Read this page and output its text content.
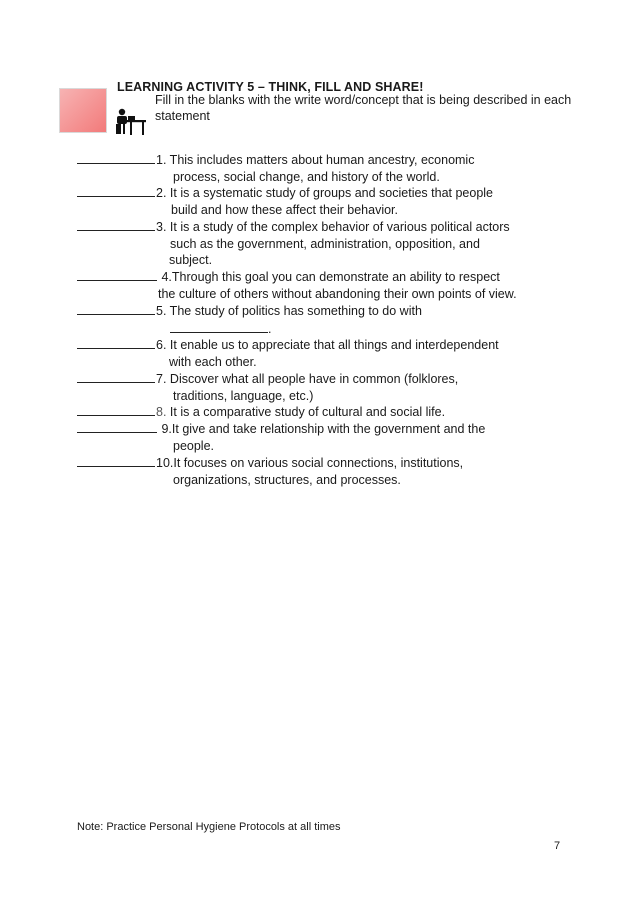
LEARNING ACTIVITY 5 – THINK, FILL AND SHARE!
Fill in the blanks with the write word/concept that is being described in each statement
1. This includes matters about human ancestry, economic
process, social change, and history of the world.
2. It is a systematic study of groups and societies that people
build and how these affect their behavior.
3. It is a study of the complex behavior of various political actors
such as the government, administration, opposition, and
subject.
4.Through this goal you can demonstrate an ability to respect
the culture of others without abandoning their own points of view.
5. The study of politics has something to do with
.
6. It enable us to appreciate that all things and interdependent
with each other.
7. Discover what all people have in common (folklores,
traditions, language, etc.)
8. It is a comparative study of cultural and social life.
9.It give and take relationship with the government and the
people.
10.It focuses on various social connections, institutions,
organizations, structures, and processes.
Note: Practice Personal Hygiene Protocols at all times
7
